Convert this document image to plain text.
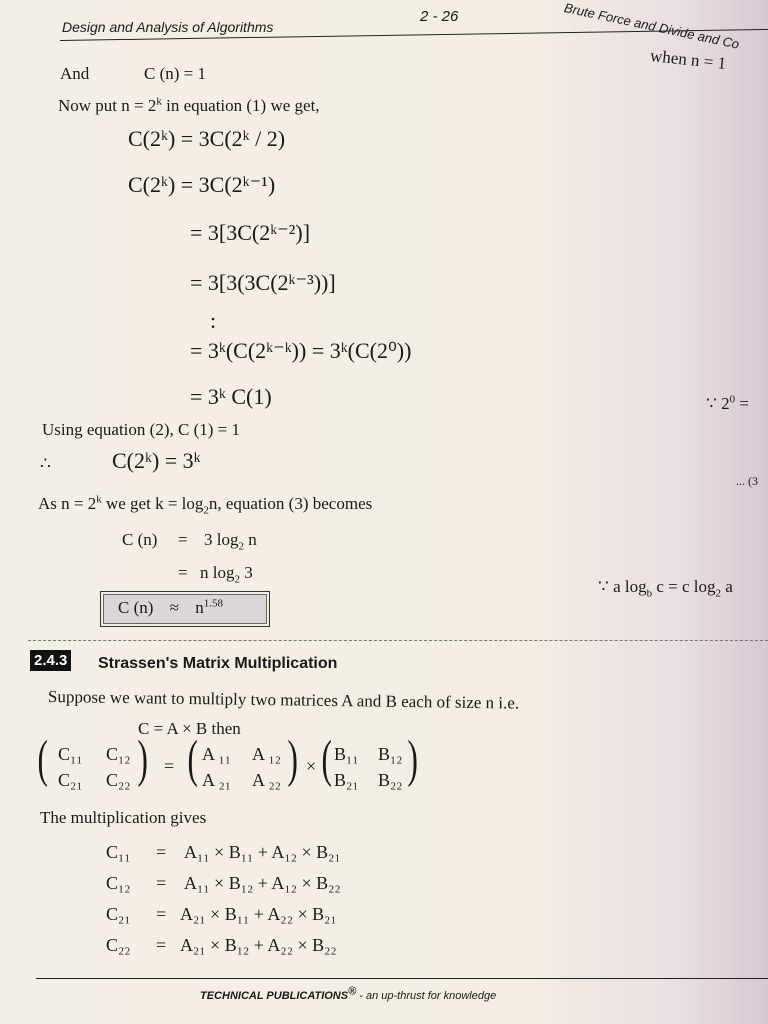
Design and Analysis of Algorithms
2 - 26	Brute Force and Divide and Co
when n = 1
And	C (n) = 1
Now put $n = 2^k$ in equation (1) we get,
C(2ᵏ) = 3C(2ᵏ / 2)
C(2ᵏ) = 3C(2ᵏ⁻¹)
= 3[3C(2ᵏ⁻²)]
= 3[3(3C(2ᵏ⁻³))]
:
= 3ᵏ(C(2ᵏ⁻ᵏ)) = 3ᵏ(C(2⁰))
= 3ᵏ C(1)	∵ $2^0$ =
Using equation (2), C (1) = 1
∴	C(2ᵏ) = 3ᵏ
... (3
As $n = 2^k$ we get $k = \log_2n$, equation (3) becomes
C (n) = 3 $\log_2 n$
= n $\log_2 3$
∵ a $\log_b c = c$ $\log_2 a$
C $(n) \approx n^{1.58}$
2.4.3 Strassen's Matrix Multiplication
Suppose we want to multiply two matrices A and B each of size n i.e.
C = A × B then
( C₁₁ C₁₂
C₂₁ C₂₂ ) = ( A ₁₁ A ₁₂
A ₂₁ A ₂₂ ) × ( B₁₁ B₁₂
B₂₁ B₂₂ )
The multiplication gives
C₁₁ = A₁₁ × B₁₁ + A₁₂ × B₂₁
C₁₂ = A₁₁ × B₁₂ + A₁₂ × B₂₂
C₂₁ = A₂₁ × B₁₁ + A₂₂ × B₂₁
C₂₂ = A₂₁ × B₁₂ + A₂₂ × B₂₂
TECHNICAL PUBLICATIONS® - an up-thrust for knowledge
